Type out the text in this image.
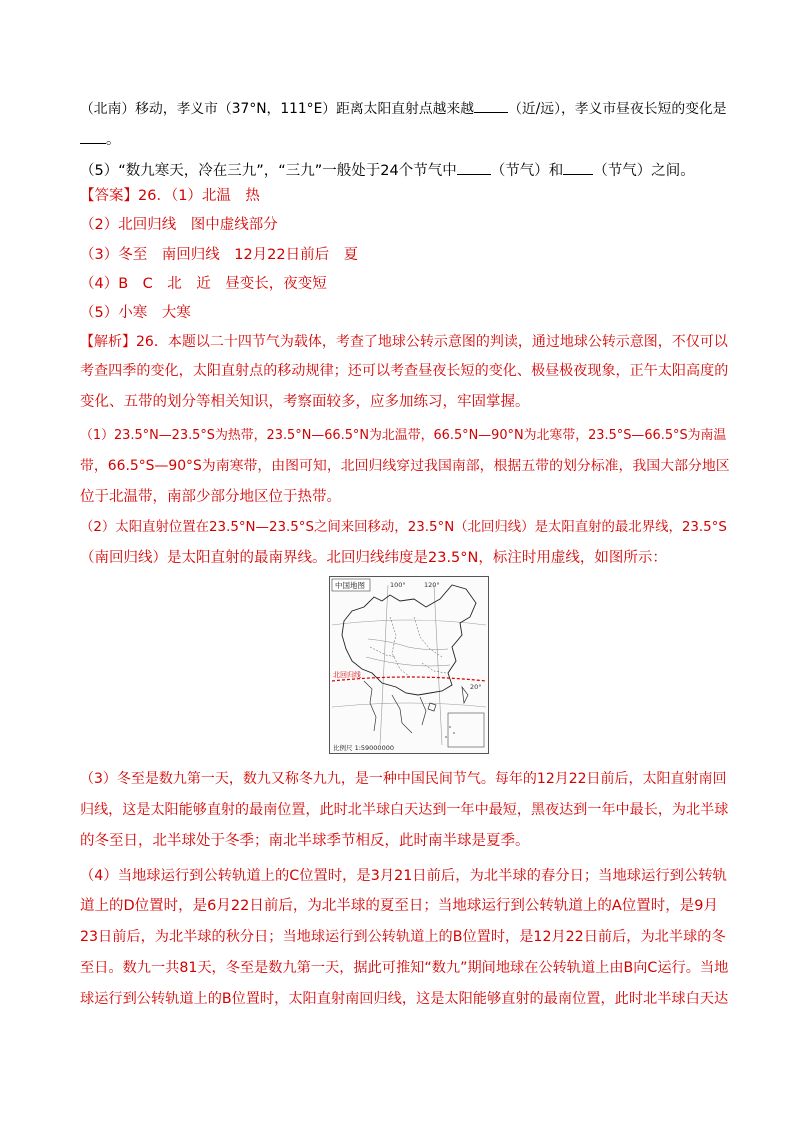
（北南）移动，孝义市（37°N，111°E）距离太阳直射点越来越 （近/远），孝义市昼夜长短的变化是
。
（5）“数九寒天，冷在三九”，“三九”一般处于24个节气中 （节气）和 （节气）之间。
【答案】26．（1）北温　热
（2）北回归线　图中虚线部分
（3）冬至　南回归线　12月22日前后　夏
（4）B　C　北　近　昼变长，夜变短
（5）小寒　大寒
【解析】26．本题以二十四节气为载体，考查了地球公转示意图的判读，通过地球公转示意图，不仅可以
考查四季的变化，太阳直射点的移动规律；还可以考查昼夜长短的变化、极昼极夜现象，正午太阳高度的
变化、五带的划分等相关知识，考察面较多，应多加练习，牢固掌握。
（1）23.5°N—23.5°S为热带，23.5°N—66.5°N为北温带，66.5°N—90°N为北寒带，23.5°S—66.5°S为南温
带，66.5°S—90°S为南寒带，由图可知，北回归线穿过我国南部，根据五带的划分标准，我国大部分地区
位于北温带，南部少部分地区位于热带。
（2）太阳直射位置在23.5°N—23.5°S之间来回移动，23.5°N（北回归线）是太阳直射的最北界线，23.5°S
（南回归线）是太阳直射的最南界线。北回归线纬度是23.5°N，标注时用虚线，如图所示：
中国地图	100°	120°
北回归线
20°
比例尺 1:59000000
（3）冬至是数九第一天，数九又称冬九九，是一种中国民间节气。每年的12月22日前后，太阳直射南回
归线，这是太阳能够直射的最南位置，此时北半球白天达到一年中最短，黑夜达到一年中最长，为北半球
的冬至日，北半球处于冬季；南北半球季节相反，此时南半球是夏季。
（4）当地球运行到公转轨道上的C位置时，是3月21日前后，为北半球的春分日；当地球运行到公转轨
道上的D位置时，是6月22日前后，为北半球的夏至日；当地球运行到公转轨道上的A位置时，是9月
23日前后，为北半球的秋分日；当地球运行到公转轨道上的B位置时，是12月22日前后，为北半球的冬
至日。数九一共81天，冬至是数九第一天，据此可推知“数九”期间地球在公转轨道上由B向C运行。当地
球运行到公转轨道上的B位置时，太阳直射南回归线，这是太阳能够直射的最南位置，此时北半球白天达
